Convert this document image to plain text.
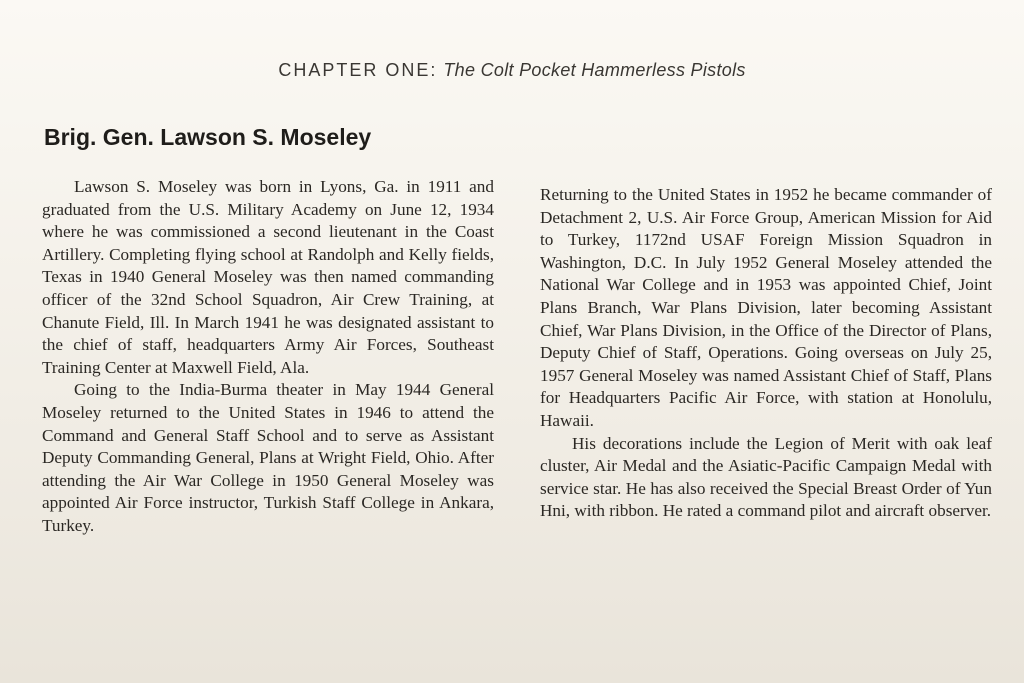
CHAPTER ONE: The Colt Pocket Hammerless Pistols
Brig. Gen. Lawson S. Moseley

Lawson S. Moseley was born in Lyons, Ga. in 1911 and graduated from the U.S. Military Academy on June 12, 1934 where he was commissioned a second lieutenant in the Coast Artillery. Completing flying school at Randolph and Kelly fields, Texas in 1940 General Moseley was then named commanding officer of the 32nd School Squadron, Air Crew Training, at Chanute Field, Ill. In March 1941 he was designated assistant to the chief of staff, headquarters Army Air Forces, Southeast Training Center at Maxwell Field, Ala.

Going to the India-Burma theater in May 1944 General Moseley returned to the United States in 1946 to attend the Command and General Staff School and to serve as Assistant Deputy Commanding General, Plans at Wright Field, Ohio. After attending the Air War College in 1950 General Moseley was appointed Air Force instructor, Turkish Staff College in Ankara, Turkey.

Returning to the United States in 1952 he became commander of Detachment 2, U.S. Air Force Group, American Mission for Aid to Turkey, 1172nd USAF Foreign Mission Squadron in Washington, D.C. In July 1952 General Moseley attended the National War College and in 1953 was appointed Chief, Joint Plans Branch, War Plans Division, later becoming Assistant Chief, War Plans Division, in the Office of the Director of Plans, Deputy Chief of Staff, Operations. Going overseas on July 25, 1957 General Moseley was named Assistant Chief of Staff, Plans for Headquarters Pacific Air Force, with station at Honolulu, Hawaii.

His decorations include the Legion of Merit with oak leaf cluster, Air Medal and the Asiatic-Pacific Campaign Medal with service star. He has also received the Special Breast Order of Yun Hni, with ribbon. He rated a command pilot and aircraft observer.
